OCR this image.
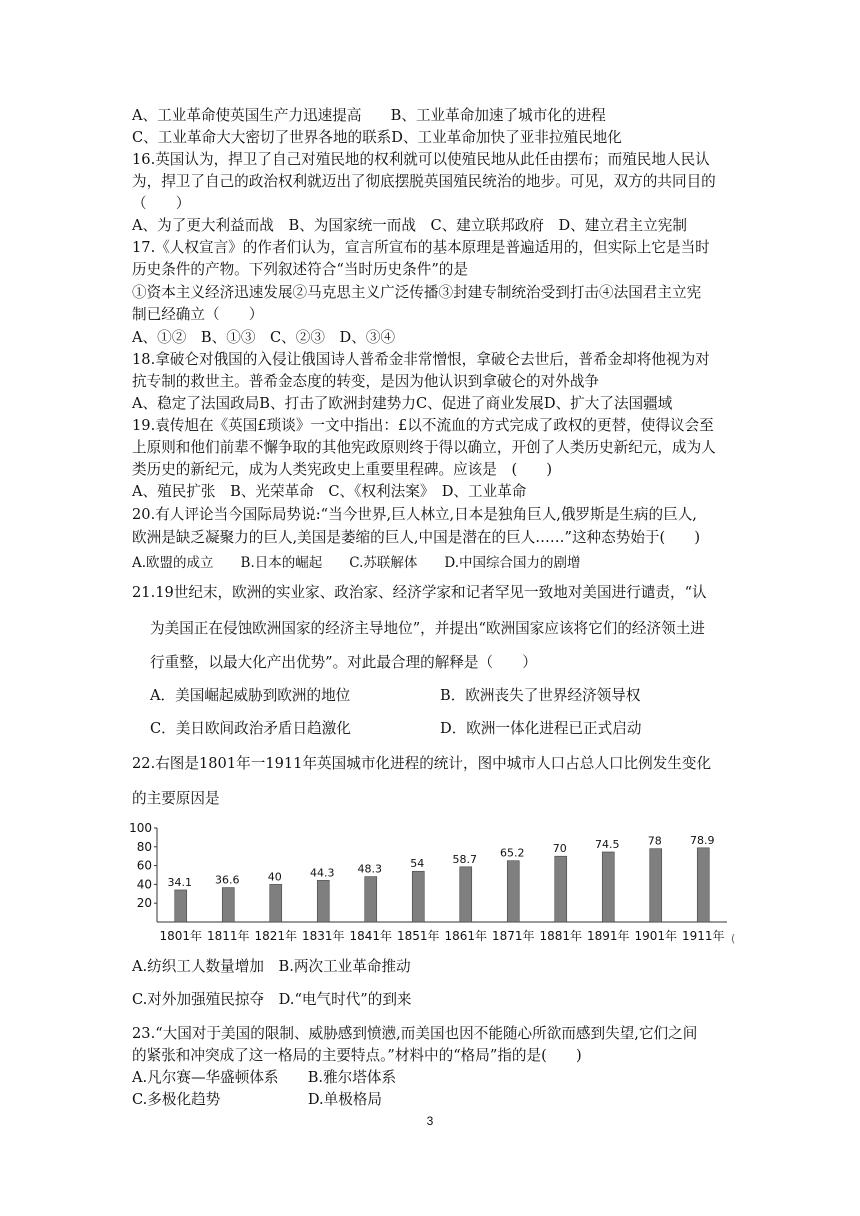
A、工业革命使英国生产力迅速提高　　B、工业革命加速了城市化的进程
C、工业革命大大密切了世界各地的联系D、工业革命加快了亚非拉殖民地化
16.英国认为，捍卫了自己对殖民地的权利就可以使殖民地从此任由摆布；而殖民地人民认
为，捍卫了自己的政治权利就迈出了彻底摆脱英国殖民统治的地步。可见，双方的共同目的
（　　）
A、为了更大利益而战　B、为国家统一而战　C、建立联邦政府　D、建立君主立宪制
17.《人权宣言》的作者们认为，宣言所宣布的基本原理是普遍适用的，但实际上它是当时
历史条件的产物。下列叙述符合“当时历史条件”的是
①资本主义经济迅速发展②马克思主义广泛传播③封建专制统治受到打击④法国君主立宪
制已经确立（　　）
A、①②　B、①③　C、②③　D、③④
18.拿破仑对俄国的入侵让俄国诗人普希金非常憎恨，拿破仑去世后，普希金却将他视为对
抗专制的救世主。普希金态度的转变，是因为他认识到拿破仑的对外战争
A、稳定了法国政局B、打击了欧洲封建势力C、促进了商业发展D、扩大了法国疆域
19.袁传旭在《英国£琐谈》一文中指出：£以不流血的方式完成了政权的更替，使得议会至
上原则和他们前辈不懈争取的其他宪政原则终于得以确立，开创了人类历史新纪元，成为人
类历史的新纪元，成为人类宪政史上重要里程碑。应该是　(　　)
A、殖民扩张　B、光荣革命　C、《权利法案》　D、工业革命
20.有人评论当今国际局势说:“当今世界,巨人林立,日本是独角巨人,俄罗斯是生病的巨人,
欧洲是缺乏凝聚力的巨人,美国是萎缩的巨人,中国是潜在的巨人……”这种态势始于(　　)
A.欧盟的成立　　B.日本的崛起　　C.苏联解体　　D.中国综合国力的剧增
21.19世纪末，欧洲的实业家、政治家、经济学家和记者罕见一致地对美国进行谴责，“认
为美国正在侵蚀欧洲国家的经济主导地位”，并提出“欧洲国家应该将它们的经济领土进
行重整，以最大化产出优势”。对此最合理的解释是（　　）
A．美国崛起威胁到欧洲的地位	B．欧洲丧失了世界经济领导权
C．美日欧间政治矛盾日趋激化	D．欧洲一体化进程已正式启动
22.右图是1801年一1911年英国城市化进程的统计，图中城市人口占总人口比例发生变化
的主要原因是
20
40
60
80
100
34.1
1801年
36.6
1811年
40
1821年
44.3
1831年
48.3
1841年
54
1851年
58.7
1861年
65.2
1871年
70
1881年
74.5
1891年
78
1901年
78.9
1911年 (
A.纺织工人数量增加　B.两次工业革命推动
C.对外加强殖民掠夺　D.“电气时代”的到来
23.“大国对于美国的限制、威胁感到愤懑,而美国也因不能随心所欲而感到失望,它们之间
的紧张和冲突成了这一格局的主要特点。”材料中的“格局”指的是(　　)
A.凡尔赛—华盛顿体系　　B.雅尔塔体系
C.多极化趋势　　　　　　D.单极格局
3
